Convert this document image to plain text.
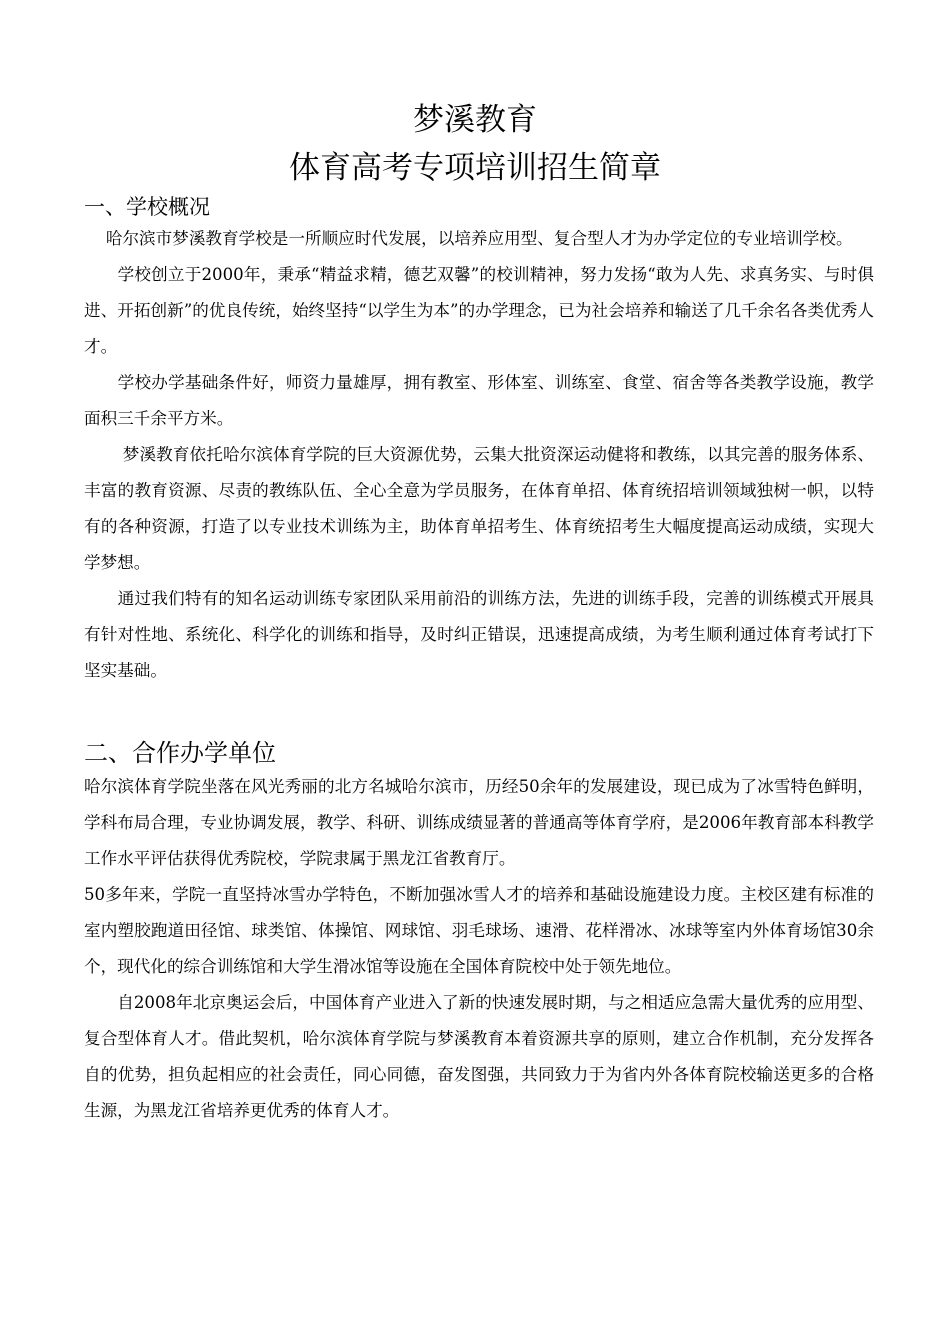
梦溪教育
体育高考专项培训招生简章
一、学校概况

　 哈尔滨市梦溪教育学校是一所顺应时代发展，以培养应用型、复合型人才为办学定位的专业培训学校。

　　学校创立于2000年，秉承“精益求精，德艺双馨”的校训精神，努力发扬“敢为人先、求真务实、与时俱进、开拓创新”的优良传统，始终坚持“以学生为本”的办学理念，已为社会培养和输送了几千余名各类优秀人才。

　　学校办学基础条件好，师资力量雄厚，拥有教室、形体室、训练室、食堂、宿舍等各类教学设施，教学面积三千余平方米。

　　 梦溪教育依托哈尔滨体育学院的巨大资源优势，云集大批资深运动健将和教练，以其完善的服务体系、丰富的教育资源、尽责的教练队伍、全心全意为学员服务，在体育单招、体育统招培训领域独树一帜，以特有的各种资源，打造了以专业技术训练为主，助体育单招考生、体育统招考生大幅度提高运动成绩，实现大学梦想。

　　通过我们特有的知名运动训练专家团队采用前沿的训练方法，先进的训练手段，完善的训练模式开展具有针对性地、系统化、科学化的训练和指导，及时纠正错误，迅速提高成绩，为考生顺利通过体育考试打下坚实基础。

二、合作办学单位

哈尔滨体育学院坐落在风光秀丽的北方名城哈尔滨市，历经50余年的发展建设，现已成为了冰雪特色鲜明，学科布局合理，专业协调发展，教学、科研、训练成绩显著的普通高等体育学府，是2006年教育部本科教学工作水平评估获得优秀院校，学院隶属于黑龙江省教育厅。

50多年来，学院一直坚持冰雪办学特色，不断加强冰雪人才的培养和基础设施建设力度。主校区建有标准的室内塑胶跑道田径馆、球类馆、体操馆、网球馆、羽毛球场、速滑、花样滑冰、冰球等室内外体育场馆30余个，现代化的综合训练馆和大学生滑冰馆等设施在全国体育院校中处于领先地位。

　　自2008年北京奥运会后，中国体育产业进入了新的快速发展时期，与之相适应急需大量优秀的应用型、复合型体育人才。借此契机，哈尔滨体育学院与梦溪教育本着资源共享的原则，建立合作机制，充分发挥各自的优势，担负起相应的社会责任，同心同德，奋发图强，共同致力于为省内外各体育院校输送更多的合格生源，为黑龙江省培养更优秀的体育人才。
